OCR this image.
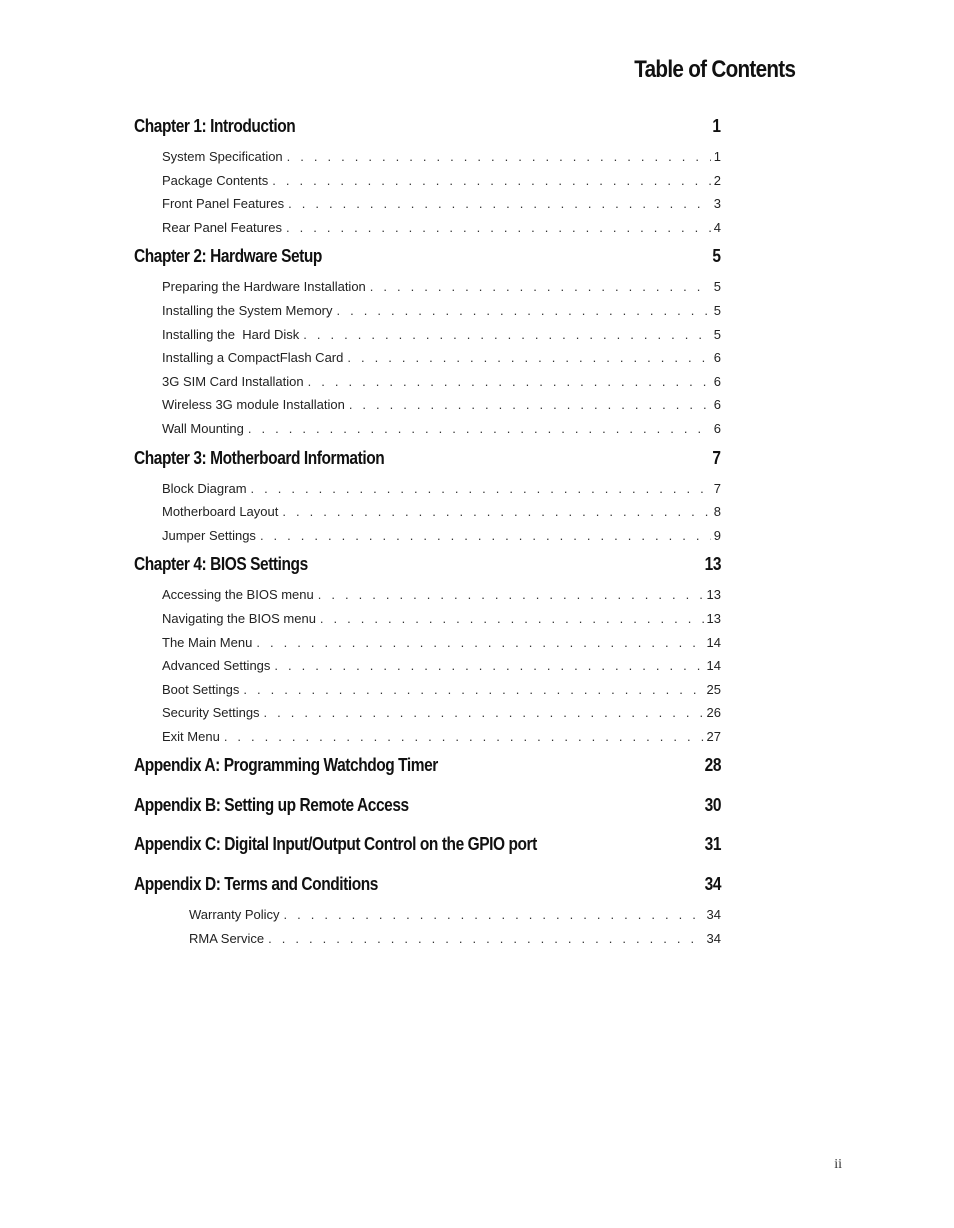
Table of Contents
Chapter 1: Introduction	1
System Specification . . .	1
Package Contents . . .	2
Front Panel Features . . .	3
Rear Panel Features . . .	4
Chapter 2: Hardware Setup	5
Preparing the Hardware Installation . . .	5
Installing the System Memory . . .	5
Installing the  Hard Disk . . .	5
Installing a CompactFlash Card . . .	6
3G SIM Card Installation . . .	6
Wireless 3G module Installation . . .	6
Wall Mounting . . .	6
Chapter 3: Motherboard Information	7
Block Diagram . . .	7
Motherboard Layout . . .	8
Jumper Settings . . .	9
Chapter 4: BIOS Settings	13
Accessing the BIOS menu . . .	13
Navigating the BIOS menu . . .	13
The Main Menu . . .	14
Advanced Settings . . .	14
Boot Settings . . .	25
Security Settings . . .	26
Exit Menu . . .	27
Appendix A: Programming Watchdog Timer	28
Appendix B: Setting up Remote Access	30
Appendix C: Digital Input/Output Control on the GPIO port	31
Appendix D: Terms and Conditions	34
Warranty Policy . . .	34
RMA Service . . .	34
ii
